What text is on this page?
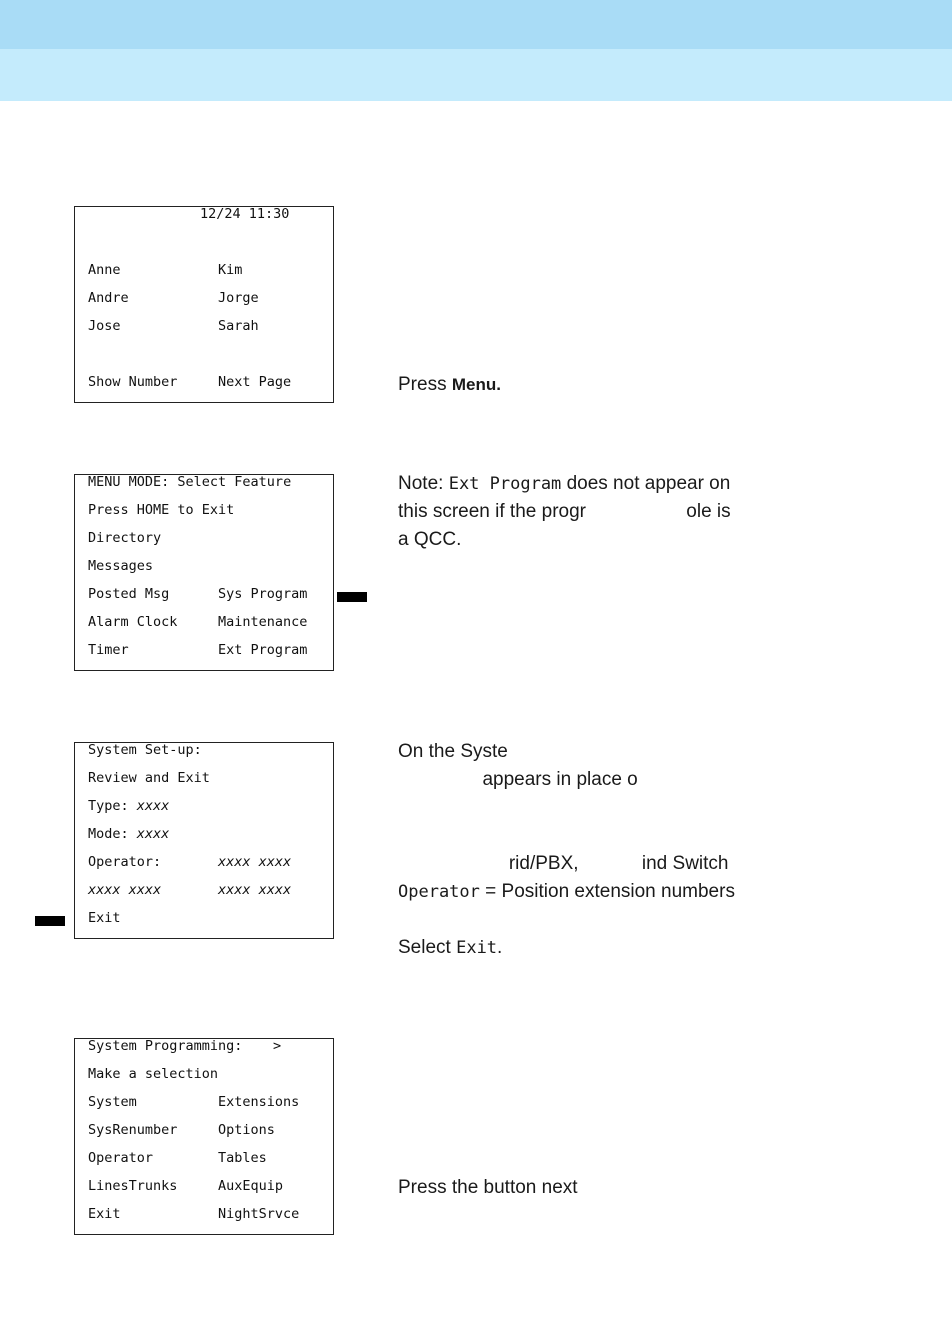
12/24 11:30
Anne	Kim
Andre	Jorge
Jose	Sarah
Show Number	Next Page
MENU MODE: Select Feature
Press HOME to Exit
Directory
Messages
Posted Msg	Sys Program
Alarm Clock	Maintenance
Timer	Ext Program
System Set-up:
Review and Exit
Type: xxxx
Mode: xxxx
Operator:	xxxx xxxx
xxxx xxxx	xxxx xxxx
Exit
System Programming: >
Make a selection
System	Extensions
SysRenumber	Options
Operator	Tables
LinesTrunks	AuxEquip
Exit	NightSrvce
Press Menu.
Note: Ext Program does not appear on
this screen if the progr                   ole is
a QCC.
On the Syste
appears in place o
rid/PBX,            ind Switch
Operator = Position extension numbers
Select Exit.
Press the button next
